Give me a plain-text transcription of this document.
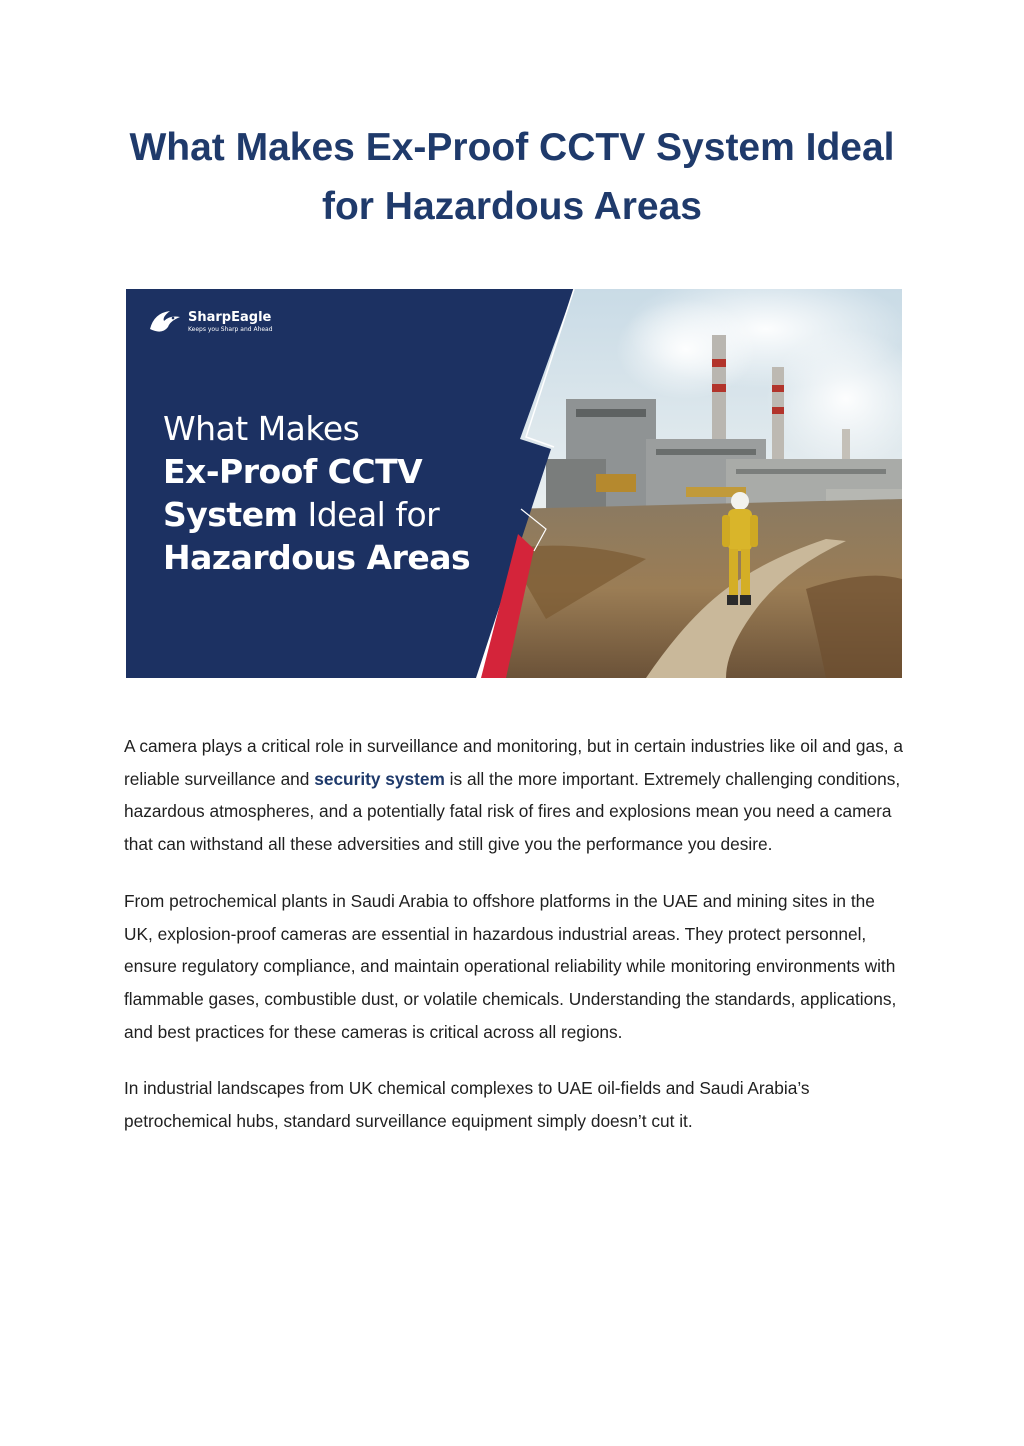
What Makes Ex-Proof CCTV System Ideal
for Hazardous Areas
SharpEagle
Keeps you Sharp and Ahead
What Makes
Ex-Proof CCTV
System Ideal for
Hazardous Areas

A camera plays a critical role in surveillance and monitoring, but in certain industries like oil and gas, a reliable surveillance and security system is all the more important. Extremely challenging conditions, hazardous atmospheres, and a potentially fatal risk of fires and explosions mean you need a camera that can withstand all these adversities and still give you the performance you desire.

From petrochemical plants in Saudi Arabia to offshore platforms in the UAE and mining sites in the UK, explosion-proof cameras are essential in hazardous industrial areas. They protect personnel, ensure regulatory compliance, and maintain operational reliability while monitoring environments with flammable gases, combustible dust, or volatile chemicals. Understanding the standards, applications, and best practices for these cameras is critical across all regions.

In industrial landscapes from UK chemical complexes to UAE oil-fields and Saudi Arabia’s petrochemical hubs, standard surveillance equipment simply doesn’t cut it.
